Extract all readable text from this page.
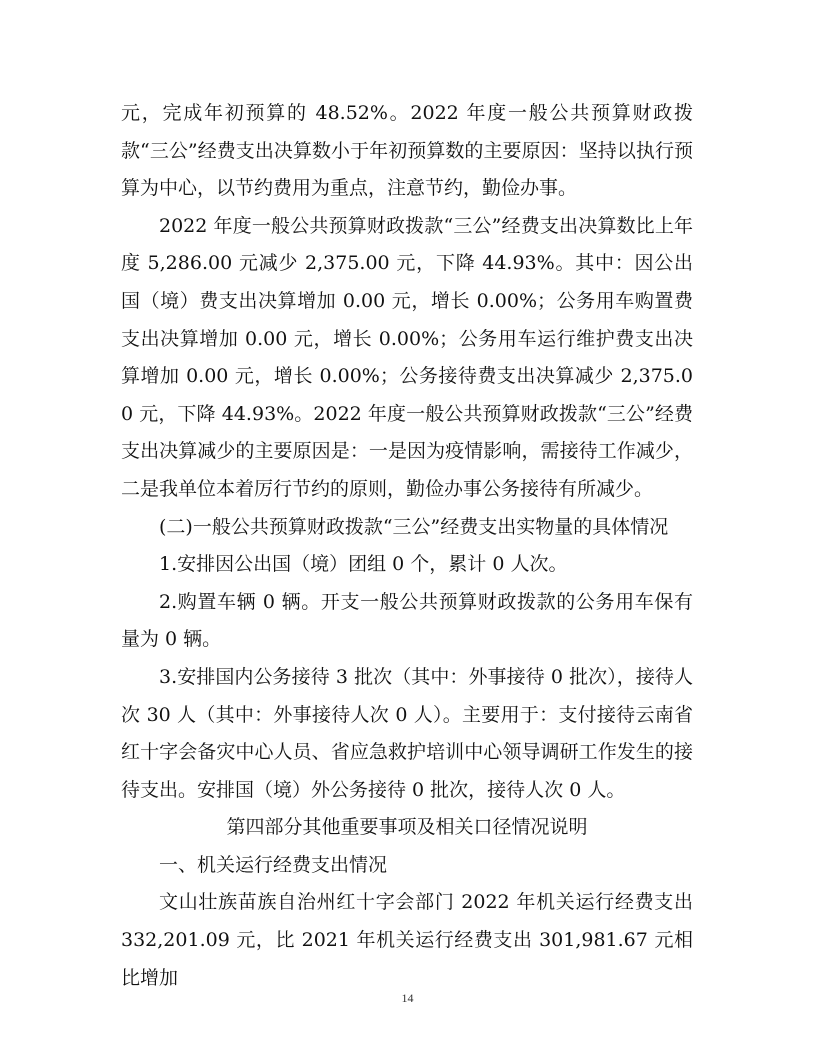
元，完成年初预算的 48.52%。2022 年度一般公共预算财政拨款“三公”经费支出决算数小于年初预算数的主要原因：坚持以执行预算为中心，以节约费用为重点，注意节约，勤俭办事。

2022 年度一般公共预算财政拨款“三公”经费支出决算数比上年度 5,286.00 元减少 2,375.00 元，下降 44.93%。其中：因公出国（境）费支出决算增加 0.00 元，增长 0.00%；公务用车购置费支出决算增加 0.00 元，增长 0.00%；公务用车运行维护费支出决算增加 0.00 元，增长 0.00%；公务接待费支出决算减少 2,375.00 元，下降 44.93%。2022 年度一般公共预算财政拨款“三公”经费支出决算减少的主要原因是：一是因为疫情影响，需接待工作减少，二是我单位本着厉行节约的原则，勤俭办事公务接待有所减少。

(二)一般公共预算财政拨款“三公”经费支出实物量的具体情况

1.安排因公出国（境）团组 0 个，累计 0 人次。

2.购置车辆 0 辆。开支一般公共预算财政拨款的公务用车保有量为 0 辆。

3.安排国内公务接待 3 批次（其中：外事接待 0 批次），接待人次 30 人（其中：外事接待人次 0 人）。主要用于：支付接待云南省红十字会备灾中心人员、省应急救护培训中心领导调研工作发生的接待支出。安排国（境）外公务接待 0 批次，接待人次 0 人。

第四部分其他重要事项及相关口径情况说明
一、机关运行经费支出情况

文山壮族苗族自治州红十字会部门 2022 年机关运行经费支出 332,201.09 元，比 2021 年机关运行经费支出 301,981.67 元相比增加

14
